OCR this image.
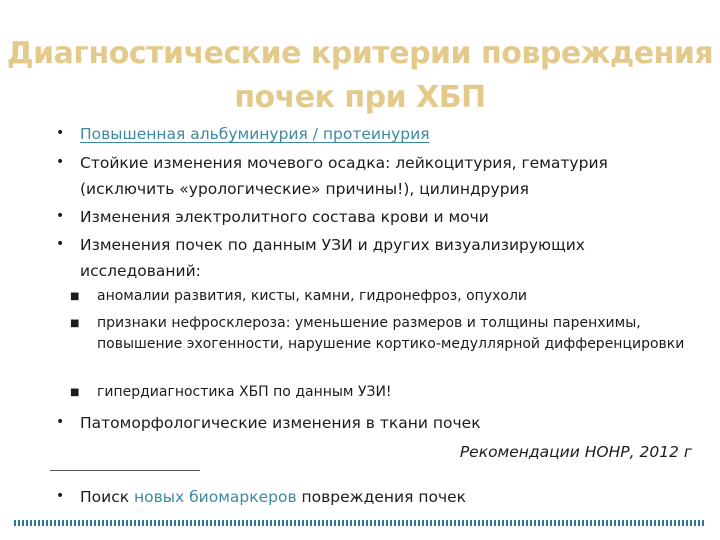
Диагностические критерии повреждения почек при ХБП
• Повышенная альбуминурия / протеинурия
• Стойкие изменения мочевого осадка: лейкоцитурия, гематурия (исключить «урологические» причины!), цилиндрурия
• Изменения электролитного состава крови и мочи
• Изменения почек по данным УЗИ и других визуализирующих исследований:
■ аномалии развития, кисты, камни, гидронефроз, опухоли
■ признаки нефросклероза: уменьшение размеров и толщины паренхимы, повышение эхогенности, нарушение кортико-медуллярной дифференцировки
■ гипердиагностика ХБП по данным УЗИ!
• Патоморфологические изменения в ткани почек
Рекомендации НОНР, 2012 г
• Поиск новых биомаркеров повреждения почек
